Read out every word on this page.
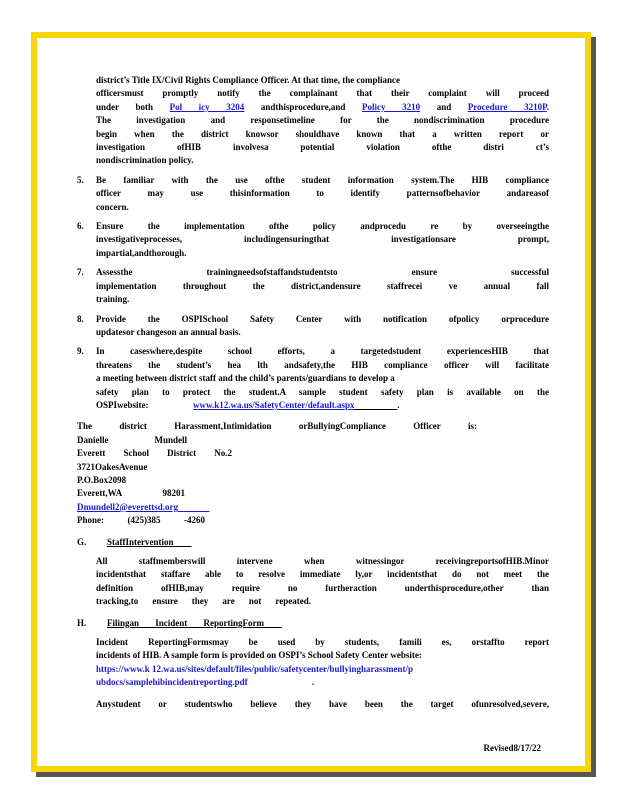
district’s Title IX/Civil Rights Compliance Officer. At that time, the compliance
officersmust promptly notify the complainant that their complaint will proceed
under both Pol icy 3204 andthisprocedure,and Policy 3210 and Procedure 3210P.
The investigation and responsetimeline for the nondiscrimination procedure
begin when the district knowsor shouldhave known that a written report or
investigation ofHIB involvesa potential violation ofthe distri ct’s
nondiscrimination policy.
5. Be familiar with the use ofthe student information system.The HIB compliance
officer may use thisinformation to identify patternsofbehavior andareasof
concern.
6. Ensure the implementation ofthe policy andprocedu re by overseeingthe
investigativeprocesses, includingensuringthat investigationsare prompt,
impartial,andthorough.
7. Assessthe trainingneedsofstaffandstudentsto ensure successful
implementation throughout the district,andensure staffrecei ve annual fall
training.
8. Provide the OSPISchool Safety Center with notification ofpolicy orprocedure
updatesor changeson an annual basis.
9. In caseswhere,despite school efforts, a targetedstudent experiencesHIB that
threatens the student’s hea lth andsafety,the HIB compliance officer will facilitate
a meeting between district staff and the child’s parents/guardians to develop a
safety plan to protect the student.A sample student safety plan is available on the
OSPIwebsite:	www.k12.wa.us/SafetyCenter/default.aspx	.
The district Harassment,Intimidation orBullyingCompliance Officer is:
Danielle Mundell
Everett School District No.2
3721OakesAvenue
P.O.Box2098
Everett,WA 98201
Dmundell2@everettsd.org
Phone: (425)385 -4260
G. StaffIntervention
All staffmemberswill intervene when witnessingor receivingreportsofHIB.Minor
incidentsthat staffare able to resolve immediate ly,or incidentsthat do not meet the
definition ofHIB,may require no furtheraction underthisprocedure,other than
tracking,to ensure they are not repeated.
H. Filingan Incident ReportingForm
Incident ReportingFormsmay be used by students, famili es, orstaffto report
incidents of HIB. A sample form is provided on OSPI’s School Safety Center website:
https://www.k 12.wa.us/sites/default/files/public/safetycenter/bullyingharassment/p
ubdocs/samplehibincidentreporting.pdf	.
Anystudent or studentswho believe they have been the target ofunresolved,severe,
Revised8/17/22
